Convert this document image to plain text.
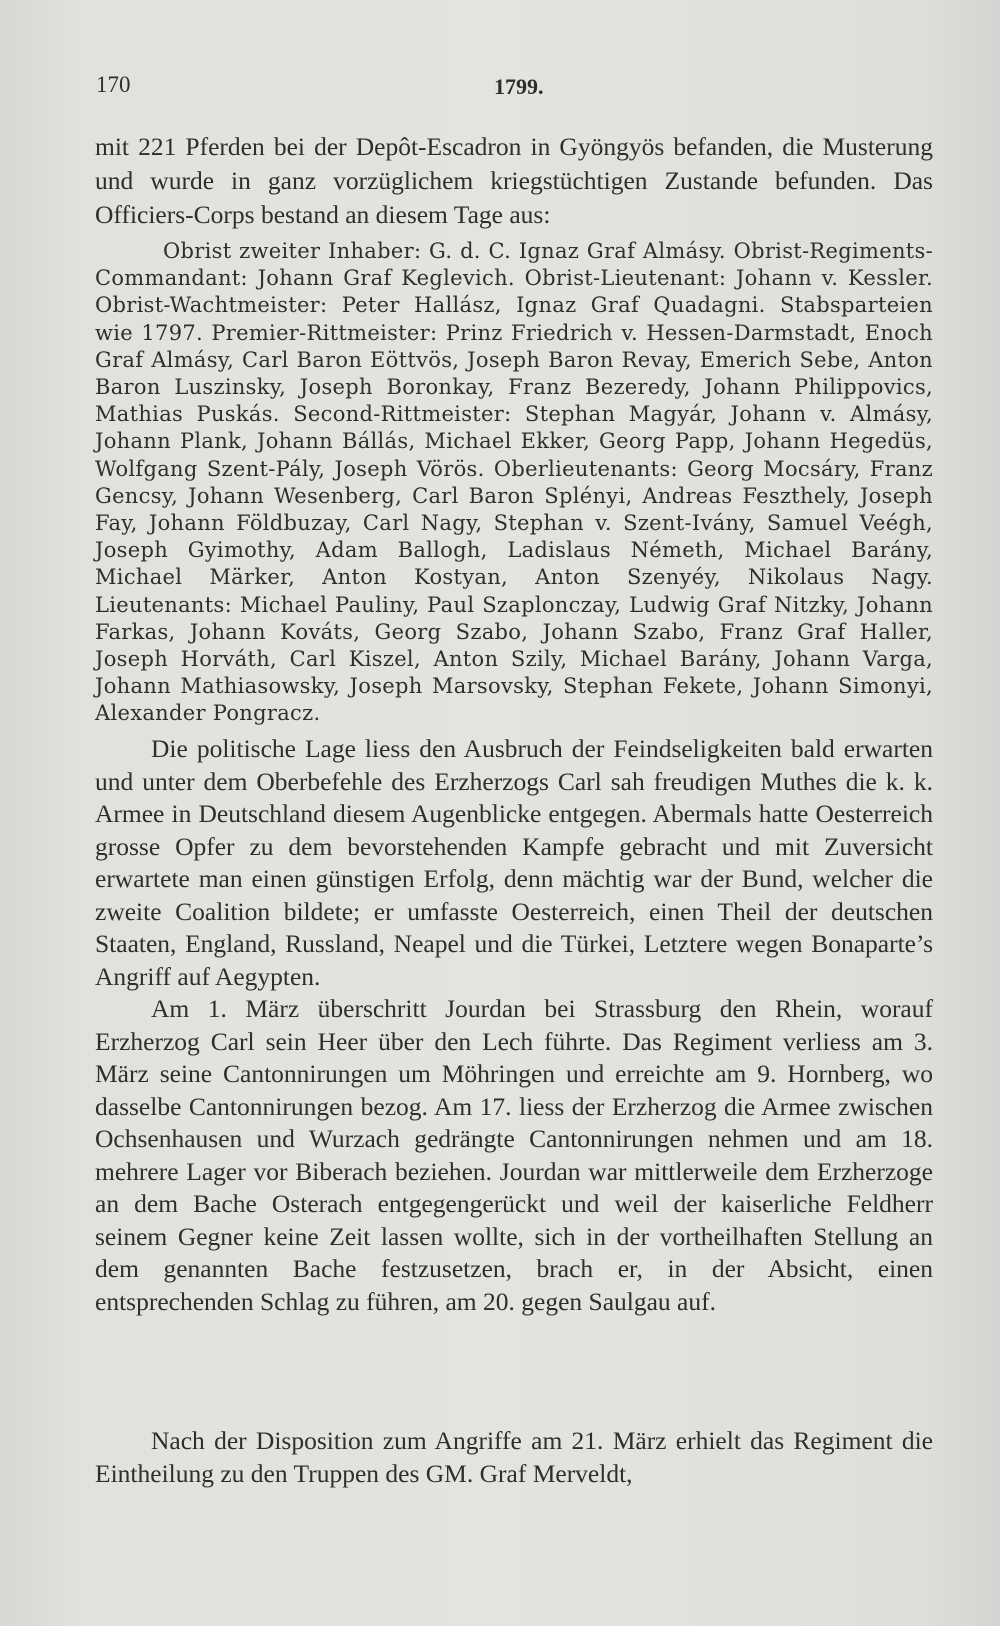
170	1799.

mit 221 Pferden bei der Depôt-Escadron in Gyöngyös befanden, die Musterung und wurde in ganz vorzüglichem kriegstüchtigen Zustande befunden. Das Officiers-Corps bestand an diesem Tage aus:

Obrist zweiter Inhaber: G. d. C. Ignaz Graf Almásy. Obrist-Regiments-Commandant: Johann Graf Keglevich. Obrist-Lieutenant: Johann v. Kessler. Obrist-Wachtmeister: Peter Hallász, Ignaz Graf Quadagni. Stabsparteien wie 1797. Premier-Rittmeister: Prinz Friedrich v. Hessen-Darmstadt, Enoch Graf Almásy, Carl Baron Eöttvös, Joseph Baron Revay, Emerich Sebe, Anton Baron Luszinsky, Joseph Boronkay, Franz Bezeredy, Johann Philippovics, Mathias Puskás. Second-Rittmeister: Stephan Magyár, Johann v. Almásy, Johann Plank, Johann Bállás, Michael Ekker, Georg Papp, Johann Hegedüs, Wolfgang Szent-Pály, Joseph Vörös. Oberlieutenants: Georg Mocsáry, Franz Gencsy, Johann Wesenberg, Carl Baron Splényi, Andreas Feszthely, Joseph Fay, Johann Földbuzay, Carl Nagy, Stephan v. Szent-Ivány, Samuel Veégh, Joseph Gyimothy, Adam Ballogh, Ladislaus Németh, Michael Barány, Michael Märker, Anton Kostyan, Anton Szenyéy, Nikolaus Nagy. Lieutenants: Michael Pauliny, Paul Szaplonczay, Ludwig Graf Nitzky, Johann Farkas, Johann Kováts, Georg Szabo, Johann Szabo, Franz Graf Haller, Joseph Horváth, Carl Kiszel, Anton Szily, Michael Barány, Johann Varga, Johann Mathiasowsky, Joseph Marsovsky, Stephan Fekete, Johann Simonyi, Alexander Pongracz.

Die politische Lage liess den Ausbruch der Feindseligkeiten bald erwarten und unter dem Oberbefehle des Erzherzogs Carl sah freudigen Muthes die k. k. Armee in Deutschland diesem Augenblicke entgegen. Abermals hatte Oesterreich grosse Opfer zu dem bevorstehenden Kampfe gebracht und mit Zuversicht erwartete man einen günstigen Erfolg, denn mächtig war der Bund, welcher die zweite Coalition bildete; er umfasste Oesterreich, einen Theil der deutschen Staaten, England, Russland, Neapel und die Türkei, Letztere wegen Bonaparte’s Angriff auf Aegypten.

Am 1. März überschritt Jourdan bei Strassburg den Rhein, worauf Erzherzog Carl sein Heer über den Lech führte. Das Regiment verliess am 3. März seine Cantonnirungen um Möhringen und erreichte am 9. Hornberg, wo dasselbe Cantonnirungen bezog. Am 17. liess der Erzherzog die Armee zwischen Ochsenhausen und Wurzach gedrängte Cantonnirungen nehmen und am 18. mehrere Lager vor Biberach beziehen. Jourdan war mittlerweile dem Erzherzoge an dem Bache Osterach entgegengerückt und weil der kaiserliche Feldherr seinem Gegner keine Zeit lassen wollte, sich in der vortheilhaften Stellung an dem genannten Bache festzusetzen, brach er, in der Absicht, einen entsprechenden Schlag zu führen, am 20. gegen Saulgau auf.

Nach der Disposition zum Angriffe am 21. März erhielt das Regiment die Eintheilung zu den Truppen des GM. Graf Merveldt,
